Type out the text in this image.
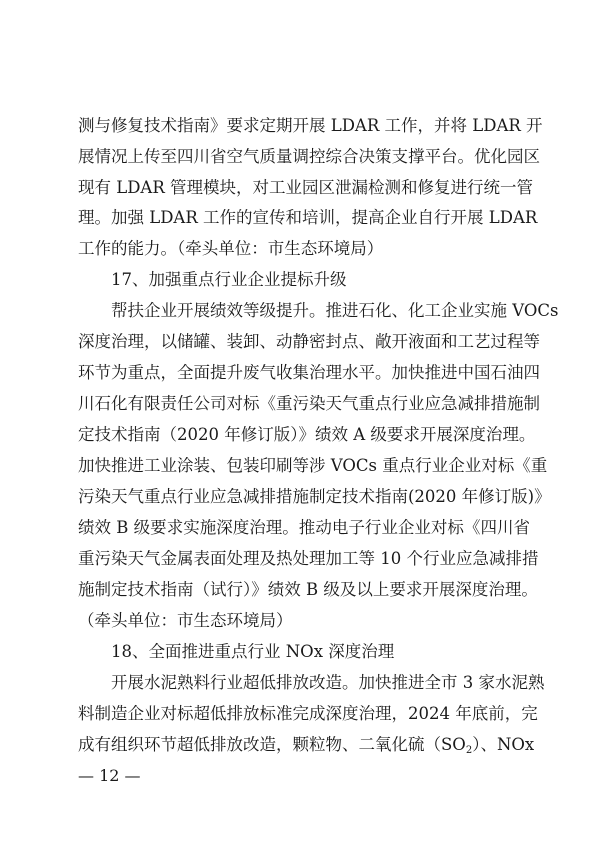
测与修复技术指南》要求定期开展 LDAR 工作，并将 LDAR 开
展情况上传至四川省空气质量调控综合决策支撑平台。优化园区
现有 LDAR 管理模块，对工业园区泄漏检测和修复进行统一管
理。加强 LDAR 工作的宣传和培训，提高企业自行开展 LDAR
工作的能力。（牵头单位：市生态环境局）
17、加强重点行业企业提标升级
帮扶企业开展绩效等级提升。推进石化、化工企业实施 VOCs
深度治理，以储罐、装卸、动静密封点、敞开液面和工艺过程等
环节为重点，全面提升废气收集治理水平。加快推进中国石油四
川石化有限责任公司对标《重污染天气重点行业应急减排措施制
定技术指南（2020 年修订版）》绩效 A 级要求开展深度治理。
加快推进工业涂装、包装印刷等涉 VOCs 重点行业企业对标《重
污染天气重点行业应急减排措施制定技术指南(2020 年修订版)》
绩效 B 级要求实施深度治理。推动电子行业企业对标《四川省
重污染天气金属表面处理及热处理加工等 10 个行业应急减排措
施制定技术指南（试行）》绩效 B 级及以上要求开展深度治理。
（牵头单位：市生态环境局）
18、全面推进重点行业 NOx 深度治理
开展水泥熟料行业超低排放改造。加快推进全市 3 家水泥熟
料制造企业对标超低排放标准完成深度治理，2024 年底前，完
成有组织环节超低排放改造，颗粒物、二氧化硫$(SO_2)$、NOx
— 12 —
